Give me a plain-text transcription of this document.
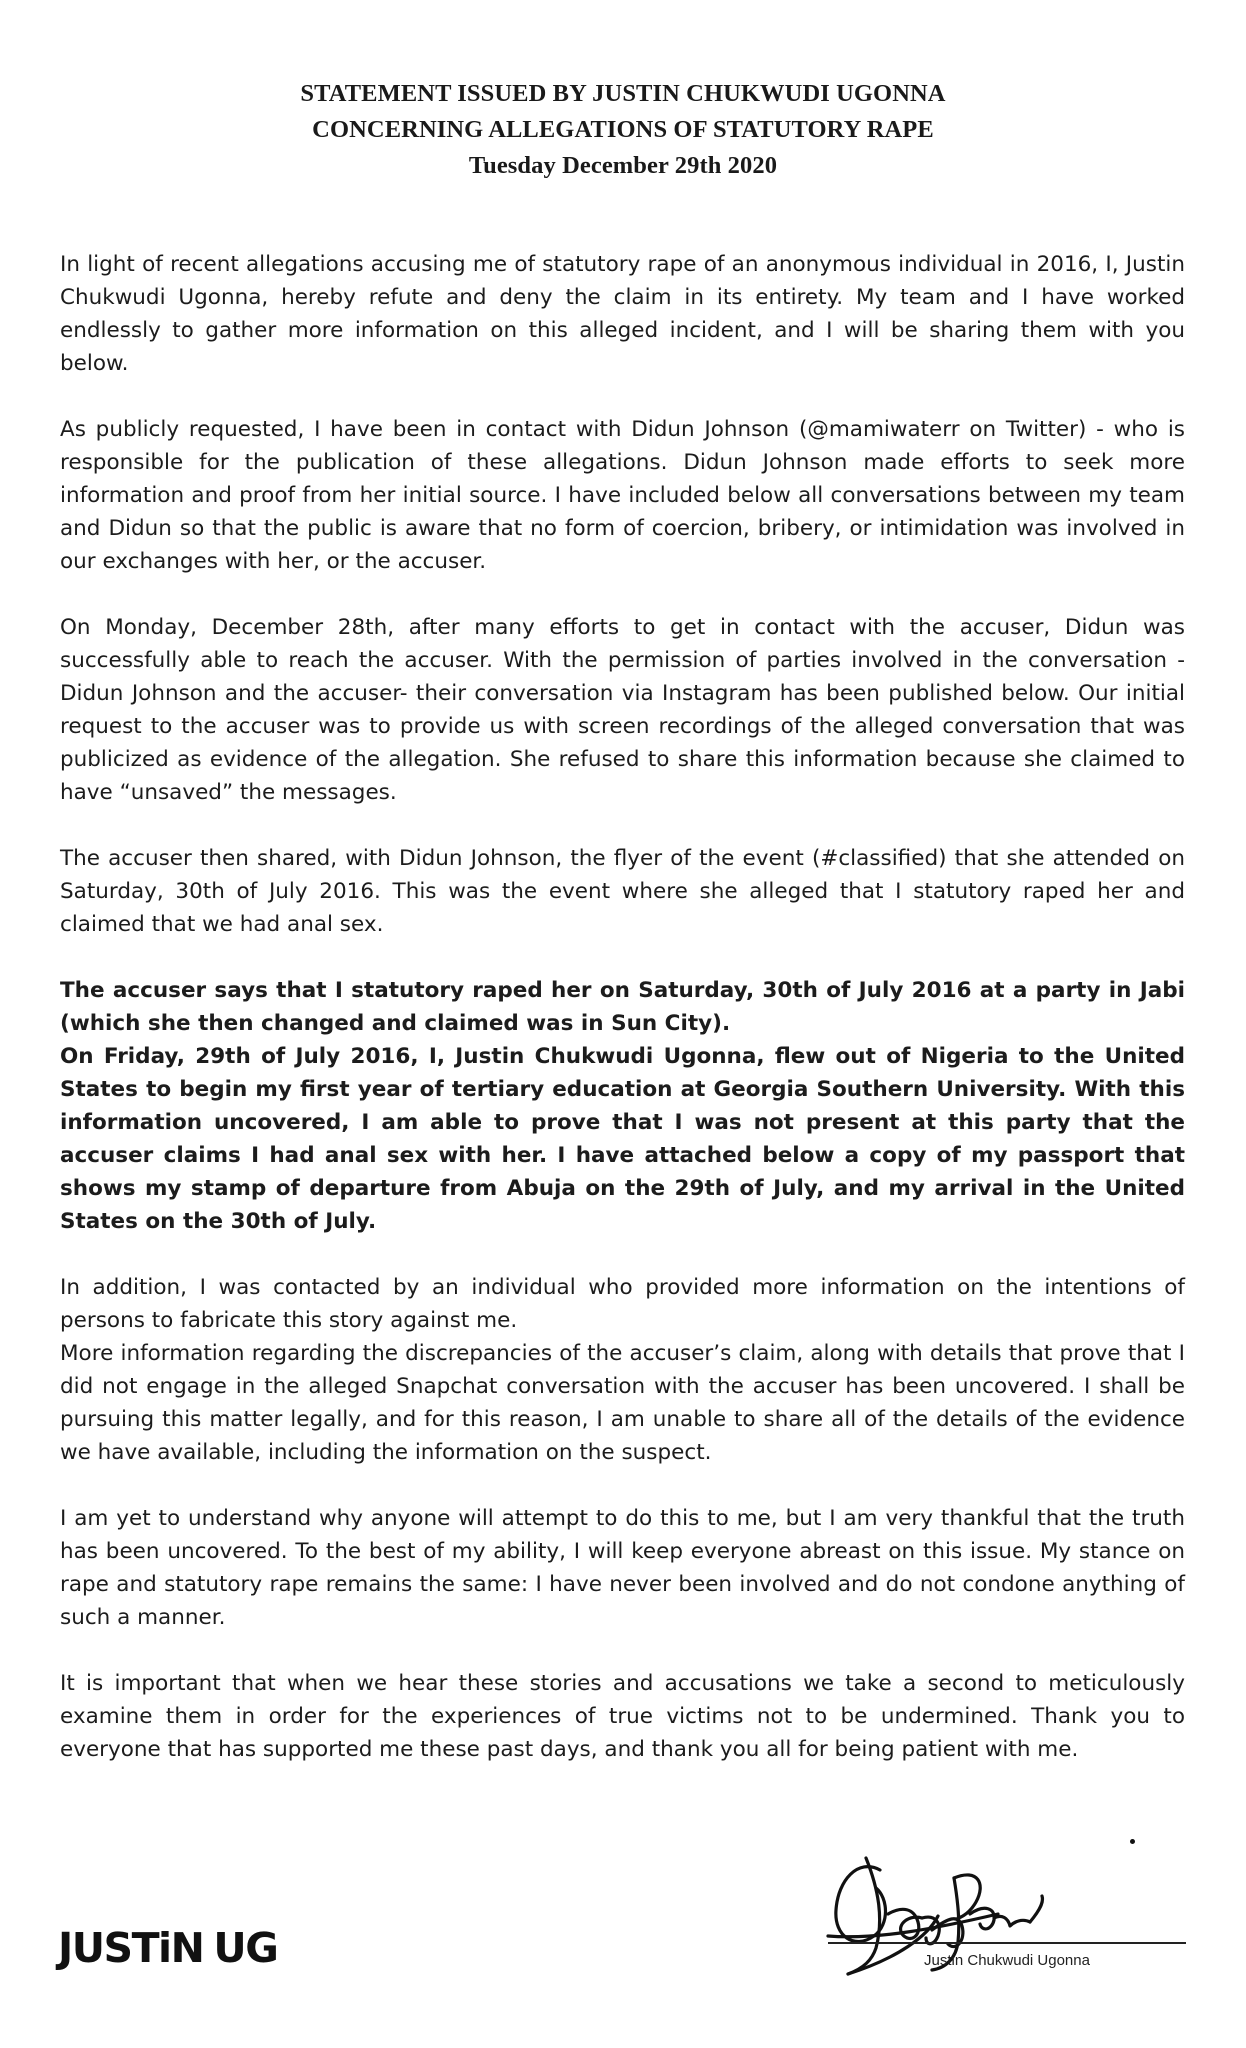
STATEMENT ISSUED BY JUSTIN CHUKWUDI UGONNA
CONCERNING ALLEGATIONS OF STATUTORY RAPE
Tuesday December 29th 2020

In light of recent allegations accusing me of statutory rape of an anonymous individual in 2016, I, Justin Chukwudi Ugonna, hereby refute and deny the claim in its entirety. My team and I have worked endlessly to gather more information on this alleged incident, and I will be sharing them with you below.

As publicly requested, I have been in contact with Didun Johnson (@mamiwaterr on Twitter) - who is responsible for the publication of these allegations. Didun Johnson made efforts to seek more information and proof from her initial source. I have included below all conversations between my team and Didun so that the public is aware that no form of coercion, bribery, or intimidation was involved in our exchanges with her, or the accuser.

On Monday, December 28th, after many efforts to get in contact with the accuser, Didun was successfully able to reach the accuser. With the permission of parties involved in the conversation -Didun Johnson and the accuser- their conversation via Instagram has been published below. Our initial request to the accuser was to provide us with screen recordings of the alleged conversation that was publicized as evidence of the allegation. She refused to share this information because she claimed to have “unsaved” the messages.

The accuser then shared, with Didun Johnson, the flyer of the event (#classified) that she attended on Saturday, 30th of July 2016. This was the event where she alleged that I statutory raped her and claimed that we had anal sex.

The accuser says that I statutory raped her on Saturday, 30th of July 2016 at a party in Jabi (which she then changed and claimed was in Sun City).

On Friday, 29th of July 2016, I, Justin Chukwudi Ugonna, flew out of Nigeria to the United States to begin my first year of tertiary education at Georgia Southern University. With this information uncovered, I am able to prove that I was not present at this party that the accuser claims I had anal sex with her. I have attached below a copy of my passport that shows my stamp of departure from Abuja on the 29th of July, and my arrival in the United States on the 30th of July.

In addition, I was contacted by an individual who provided more information on the intentions of persons to fabricate this story against me.

More information regarding the discrepancies of the accuser’s claim, along with details that prove that I did not engage in the alleged Snapchat conversation with the accuser has been uncovered. I shall be pursuing this matter legally, and for this reason, I am unable to share all of the details of the evidence we have available, including the information on the suspect.

I am yet to understand why anyone will attempt to do this to me, but I am very thankful that the truth has been uncovered. To the best of my ability, I will keep everyone abreast on this issue. My stance on rape and statutory rape remains the same: I have never been involved and do not condone anything of such a manner.

It is important that when we hear these stories and accusations we take a second to meticulously examine them in order for the experiences of true victims not to be undermined. Thank you to everyone that has supported me these past days, and thank you all for being patient with me.

JUSTiN UG	Justin Chukwudi Ugonna
